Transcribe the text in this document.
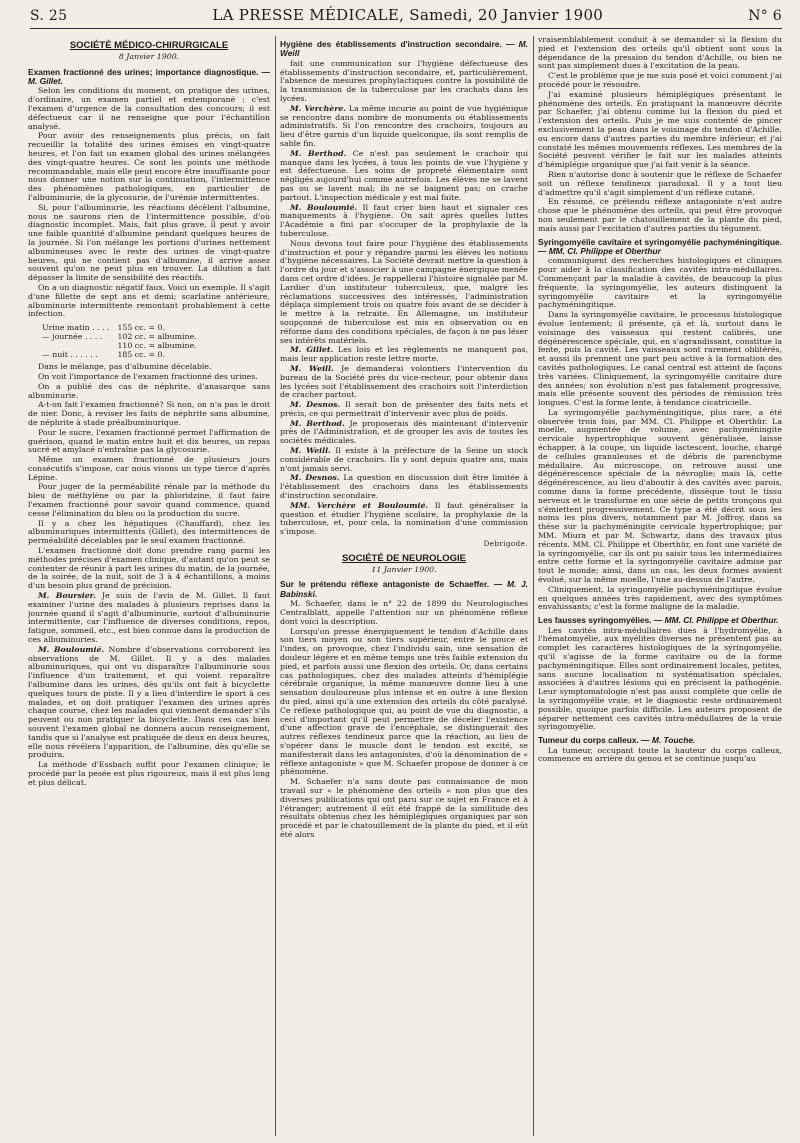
S. 25	LA PRESSE MÉDICALE, Samedi, 20 Janvier 1900	N° 6
SOCIÉTÉ MÉDICO-CHIRURGICALE
8 Janvier 1900.

Examen fractionné des urines; importance diagnostique. — M. Gillet.

Selon les conditions du moment, on pratique des urines, d'ordinaire, un examen partiel et extemporané : c'est l'examen d'urgence de la consultation des concours; il est défectueux car il ne renseigne que pour l'échantillon analysé.

Pour avoir des renseignements plus précis, on fait recueillir la totalité des urines émises en vingt-quatre heures, et l'on fait un examen global des urines mélangées des vingt-quatre heures. Ce sont les points une méthode recommandable, mais elle peut encore être insuffisante pour nous donner une notion sur la continuation, l'intermittence des phénomènes pathologiques, en particulier de l'albuminurie, de la glycosurie, de l'urémie intermittentes.

Si, pour l'albuminurie, les réactions décèlent l'albumine, nous ne saurons rien de l'intermittence possible, d'où diagnostic incomplet. Mais, fait plus grave, il peut y avoir une faible quantité d'albumine pendant quelques heures de la journée. Si l'on mélange les portions d'urines nettement albumineuses avec le reste des urines de vingt-quatre heures, qui ne contient pas d'albumine, il arrive assez souvent qu'on ne peut plus en trouver. La dilution a fait dépasser la limite de sensibilité des réactifs.

On a un diagnostic négatif faux. Voici un exemple. Il s'agit d'une fillette de sept ans et demi; scarlatine antérieure, albuminurie intermittente remontant probablement à cette infection.

Urine matin . . . .	155 cc. = 0.
— journée . . . .	102 cc. = albumine.
	110 cc. = albumine.
— nuit . . . . . .	185 cc. = 0.

Dans le mélange, pas d'albumine décelable.

On voit l'importance de l'examen fractionné des urines.

On a publié des cas de néphrite, d'anasarque sans albuminurie.

A-t-on fait l'examen fractionné? Si non, on n'a pas le droit de nier. Donc, à reviser les faits de néphrite sans albumine, de néphrite à stade préalbuminurique.

Pour le sucre, l'examen fractionné permet l'affirmation de guérison, quand le matin entre huit et dix heures, un repas sucré et amylacé n'entraîne pas la glycosurie.

Même un examen fractionné de plusieurs jours consécutifs s'impose, car nous visons un type tierce d'après Lépine.

Pour juger de la perméabilité rénale par la méthode du bleu de méthylène ou par la phloridzine, il faut faire l'examen fractionné pour savoir quand commence, quand cesse l'élimination du bleu ou la production du sucre.

Il y a chez les hépatiques (Chauffard), chez les albuminuriques intermittents (Gillet), des intermittences de perméabilité décelables par le seul examen fractionné.

L'examen fractionné doit donc prendre rang parmi les méthodes précises d'examen clinique, d'autant qu'on peut se contenter de réunir à part les urines du matin, de la journée, de la soirée, de la nuit, soit de 3 à 4 échantillons, à moins d'un besoin plus grand de précision.

M. Boursier. Je suis de l'avis de M. Gillet. Il faut examiner l'urine des malades à plusieurs reprises dans la journée quand il s'agit d'albuminurie, surtout d'albuminurie intermittente, car l'influence de diverses conditions, repos, fatigue, sommeil, etc., est bien connue dans la production de ces albuminuries.

M. Bouloumié. Nombre d'observations corroborent les observations de M. Gillet. Il y a des malades albuminuriques, qui ont vu disparaître l'albuminurie sous l'influence d'un traitement, et qui voient reparaître l'albumine dans les urines, dès qu'ils ont fait à bicyclette quelques tours de piste. Il y a lieu d'interdire le sport à ces malades, et on doit pratiquer l'examen des urines après chaque course, chez les malades qui viennent demander s'ils peuvent ou non pratiquer la bicyclette. Dans ces cas bien souvent l'examen global ne donnera aucun renseignement, tandis que si l'analyse est pratiquée de deux en deux heures, elle nous révélera l'apparition, de l'albumine, dès qu'elle se produira.

La méthode d'Essbach suffit pour l'examen clinique; le procédé par la pesée est plus rigoureux, mais il est plus long et plus délicat.

Hygiène des établissements d'instruction secondaire. — M. Weill

fait une communication sur l'hygiène défectueuse des établissements d'instruction secondaire, et, particulièrement, l'absence de mesures prophylactiques contre la possibilité de la transmission de la tuberculose par les crachats dans les lycées.

M. Verchère. La même incurie au point de vue hygiénique se rencontre dans nombre de monuments ou établissements administratifs. Si l'on rencontre des crachoirs, toujours au lieu d'être garnis d'un liquide quelconque, ils sont remplis de sable fin.

M. Berthod. Ce n'est pas seulement le crachoir qui manque dans les lycées, à tous les points de vue l'hygiène y est défectueuse. Les soins de propreté élémentaire sont négligés aujourd'hui comme autrefois. Les élèves ne se lavent pas ou se lavent mal; ils ne se baignent pas; on crache partout. L'inspection médicale y est mal faite.

M. Bouloumié. Il faut crier bien haut et signaler ces manquements à l'hygiène. On sait après quelles luttes l'Académie a fini par s'occuper de la prophylaxie de la tuberculose.

Nous devons tout faire pour l'hygiène des établissements d'instruction et pour y répandre parmi les élèves les notions d'hygiène nécessaires. La Société devrait mettre la question à l'ordre du jour et s'associer à une campagne énergique menée dans cet ordre d'idées. Je rappellerai l'histoire signalée par M. Lardier d'un instituteur tuberculeux, que, malgré les réclamations successives des intéressés, l'administration déplaça simplement trois ou quatre fois avant de se décider à le mettre à la retraite. En Allemagne, un instituteur soupçonné de tuberculose est mis en observation ou en réforme dans des conditions spéciales, de façon à ne pas léser ses intérêts matériels.

M. Gillet. Les lois et les règlements ne manquent pas, mais leur application reste lettre morte.

M. Weill. Je demanderai volontiers l'intervention du bureau de la Société près du vice-recteur, pour obtenir dans les lycées soit l'établissement des crachoirs soit l'interdiction de cracher partout.

M. Desnos. Il serait bon de présenter des faits nets et précis, ce qui permettrait d'intervenir avec plus de poids.

M. Berthod. Je proposerais dès maintenant d'intervenir près de l'Administration, et de grouper les avis de toutes les sociétés médicales.

M. Weill. Il existe à la préfecture de la Seine un stock considérable de crachoirs. Ils y sont depuis quatre ans, mais n'ont jamais servi.

M. Desnos. La question en discussion doit être limitée à l'établissement des crachoirs dans les établissements d'instruction secondaire.

MM. Verchère et Bouloumié. Il faut généraliser la question et étudier l'hygiène scolaire, la prophylaxie de la tuberculose, et, pour cela, la nomination d'une commission s'impose.

Debrigode.
SOCIÉTÉ DE NEUROLOGIE
11 Janvier 1900.

Sur le prétendu réflexe antagoniste de Schaeffer. — M. J. Babinski.

M. Schaefer, dans le n° 22 de 1899 du Neurologisches Centralblatt, appelle l'attention sur un phénomène réflexe dont voici la description.

Lorsqu'on presse énergiquement le tendon d'Achille dans son tiers moyen ou son tiers supérieur, entre le pouce et l'index, on provoque, chez l'individu sain, une sensation de douleur légère et en même temps une très faible extension du pied, et parfois aussi une flexion des orteils. Or, dans certains cas pathologiques, chez des malades atteints d'hémiplégie cérébrale organique, la même manœuvre donne lieu à une sensation douloureuse plus intense et en outre à une flexion du pied, ainsi qu'à une extension des orteils du côté paralysé. Ce réflexe pathologique qui, au point de vue du diagnostic, a ceci d'important qu'il peut permettre de déceler l'existence d'une affection grave de l'encéphale, se distinguerait des autres réflexes tendineux parce que la réaction, au lieu de s'opérer dans le muscle dont le tendon est excité, se manifesterait dans les antagonistes, d'où la dénomination de « réflexe antagoniste » que M. Schaefer propose de donner à ce phénomène.

M. Schaefer n'a sans doute pas connaissance de mon travail sur « le phénomène des orteils » non plus que des diverses publications qui ont paru sur ce sujet en France et à l'étranger; autrement il eût été frappé de la similitude des résultats obtenus chez les hémiplégiques organiques par son procédé et par le chatouillement de la plante du pied, et il eût été alors

vraisemblablement conduit à se demander si la flexion du pied et l'extension des orteils qu'il obtient sont sous la dépendance de la pression du tendon d'Achille, ou bien ne sont pas simplement dues à l'excitation de la peau.

C'est le problème que je me suis posé et voici comment j'ai procédé pour le résoudre.

J'ai examiné plusieurs hémiplégiques présentant le phénomène des orteils. En pratiquant la manœuvre décrite par Schaefer, j'ai obtenu comme lui la flexion du pied et l'extension des orteils. Puis je me suis contenté de pincer exclusivement la peau dans le voisinage du tendon d'Achille, ou encore dans d'autres parties du membre inférieur, et j'ai constaté les mêmes mouvements réflexes. Les membres de la Société peuvent vérifier le fait sur les malades atteints d'hémiplégie organique que j'ai fait venir à la séance.

Rien n'autorise donc à soutenir que le réflexe de Schaefer soit un réflexe tendineux paradoxal. Il y a tout lieu d'admettre qu'il s'agit simplement d'un réflexe cutané.

En résumé, ce prétendu réflexe antagoniste n'est autre chose que le phénomène des orteils, qui peut être provoqué non seulement par le chatouillement de la plante du pied, mais aussi par l'excitation d'autres parties du tégument.

Syringomyélie cavitaire et syringomyélie pachyméningitique. — MM. Cl. Philippe et Oberthur

communiquent des recherches histologiques et cliniques pour aider à la classification des cavités intra-médullaires. Commençant par la maladie à cavités, de beaucoup la plus fréquente, la syringomyélie, les auteurs distinguent la syringomyélie cavitaire et la syringomyélie pachyméningitique.

Dans la syringomyélie cavitaire, le processus histologique évolue lentement; il présente, çà et là, surtout dans le voisinage des vaisseaux qui restent calibrés, une dégénérescence spéciale, qui, en s'agrandissant, constitue la fente, puis la cavité. Les vaisseaux sont rarement oblitérés, et aussi ils prennent une part peu active à la formation des cavités pathologiques. Le canal central est atteint de façons très variées. Cliniquement, la syringomyélie cavitaire dure des années; son évolution n'est pas fatalement progressive, mais elle présente souvent des périodes de rémission très longues. C'est la forme lente, à tendance cicatricielle.

La syringomyélie pachyméningitique, plus rare, a été observée trois fois, par MM. Cl. Philippe et Oberthür. La moelle, augmentée de volume, avec pachyméningite cervicale hypertrophique souvent généralisée, laisse échapper, à la coupe, un liquide lactescent, louche, chargé de cellules granuleuses et de débris de parenchyme médullaire. Au microscope, on retrouve aussi une dégénérescence spéciale de la névroglie; mais là, cette dégénérescence, au lieu d'aboutir à des cavités avec parois, comme dans la forme précédente, dissèque tout le tissu nerveux et le transforme en une série de petits tronçons qui s'émiettent progressivement. Ce type a été décrit sous les noms les plus divers, notamment par M. Joffroy, dans sa thèse sur la pachyméningite cervicale hypertrophique; par MM. Miura et par M. Schwartz, dans des travaux plus récents. MM. Cl. Philippe et Oberthür, en font une variété de la syringomyélie, car ils ont pu saisir tous les intermédiaires entre cette forme et la syringomyélie cavitaire admise par tout le monde; ainsi, dans un cas, les deux formes avaient évolué, sur la même moelle, l'une au-dessus de l'autre.

Cliniquement, la syringomyélie pachyméningitique évolue en quelques années très rapidement, avec des symptômes envahissants; c'est la forme maligne de la maladie.

Les fausses syringomyélies. — MM. Cl. Philippe et Oberthur.

Les cavités intra-médullaires dues à l'hydromyélie, à l'hématomyélie, aux myélites diverses ne présentent pas au complet les caractères histologiques de la syringomyélie, qu'il s'agisse de la forme cavitaire ou de la forme pachyméningitique. Elles sont ordinairement locales, petites, sans aucune localisation ni systématisation spéciales, associées à d'autres lésions qui en précisent la pathogénie. Leur symptomatologie n'est pas aussi complète que celle de la syringomyélie vraie, et le diagnostic reste ordinairement possible, quoique parfois difficile. Les auteurs proposent de séparer nettement ces cavités intra-médullaires de la vraie syringomyélie.

Tumeur du corps calleux. — M. Touche.

La tumeur, occupant toute la hauteur du corps calleux, commence en arrière du genou et se continue jusqu'au
